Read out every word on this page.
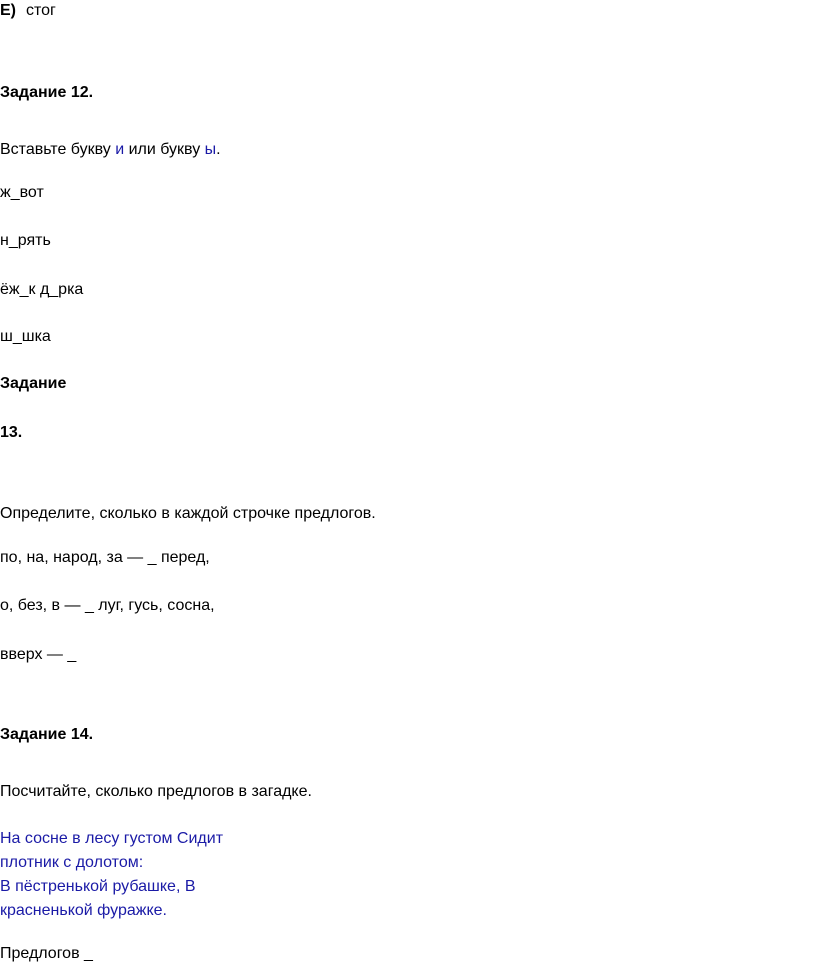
Е) стог
Задание 12.
Вставьте букву и или букву ы.
ж_вот
н_рять
ёж_к д_рка
ш_шка
Задание
13.
Определите, сколько в каждой строчке предлогов.
по, на, народ, за — _ перед,
о, без, в — _ луг, гусь, сосна,
вверх — _
Задание 14.
Посчитайте, сколько предлогов в загадке.
На сосне в лесу густом Сидит
плотник с долотом:
В пёстренькой рубашке, В
красненькой фуражке.
Предлогов _
